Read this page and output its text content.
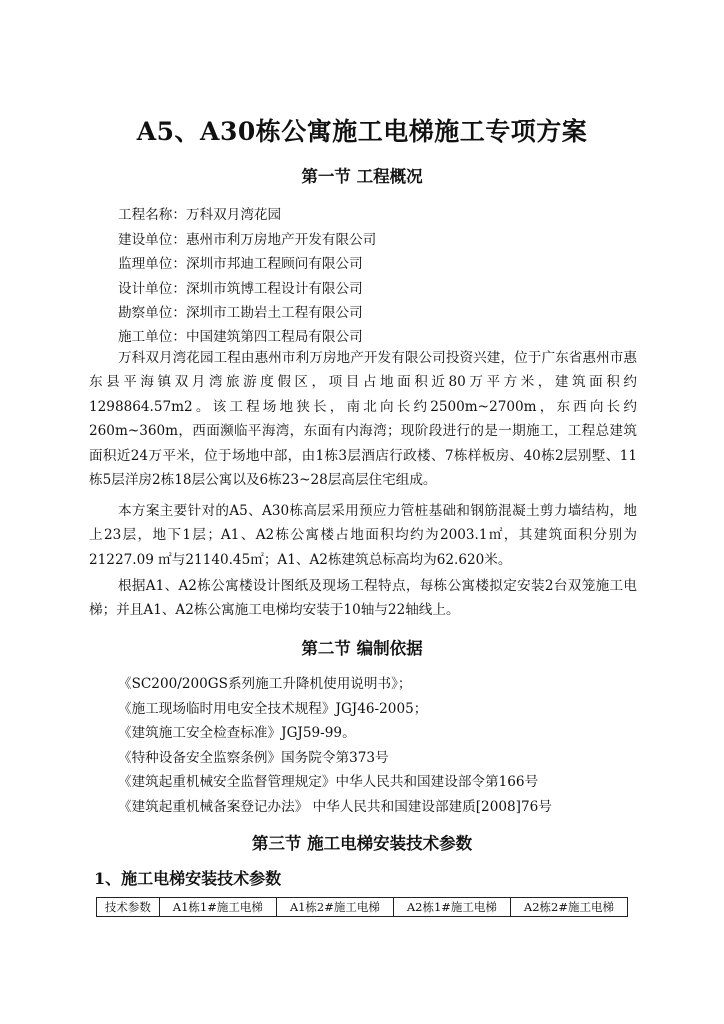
A5、A30栋公寓施工电梯施工专项方案
第一节 工程概况
工程名称：万科双月湾花园
建设单位：惠州市利万房地产开发有限公司
监理单位：深圳市邦迪工程顾问有限公司
设计单位：深圳市筑博工程设计有限公司
勘察单位：深圳市工勘岩土工程有限公司
施工单位：中国建筑第四工程局有限公司
万科双月湾花园工程由惠州市利万房地产开发有限公司投资兴建，位于广东省惠州市惠东县平海镇双月湾旅游度假区，项目占地面积近80万平方米，建筑面积约1298864.57m2。该工程场地狭长，南北向长约2500m~2700m，东西向长约260m~360m，西面濒临平海湾，东面有内海湾；现阶段进行的是一期施工，工程总建筑面积近24万平米，位于场地中部，由1栋3层酒店行政楼、7栋样板房、40栋2层别墅、11栋5层洋房2栋18层公寓以及6栋23~28层高层住宅组成。
本方案主要针对的A5、A30栋高层采用预应力管桩基础和钢筋混凝土剪力墙结构，地上23层，地下1层；A1、A2栋公寓楼占地面积均约为2003.1㎡，其建筑面积分别为21227.09 ㎡与21140.45㎡；A1、A2栋建筑总标高均为62.620米。
根据A1、A2栋公寓楼设计图纸及现场工程特点，每栋公寓楼拟定安装2台双笼施工电梯；并且A1、A2栋公寓施工电梯均安装于10轴与22轴线上。
第二节 编制依据
《SC200/200GS系列施工升降机使用说明书》；
《施工现场临时用电安全技术规程》JGJ46-2005；
《建筑施工安全检查标准》JGJ59-99。
《特种设备安全监察条例》国务院令第373号
《建筑起重机械安全监督管理规定》中华人民共和国建设部令第166号
《建筑起重机械备案登记办法》 中华人民共和国建设部建质[2008]76号
第三节 施工电梯安装技术参数
1、施工电梯安装技术参数
技术参数	A1栋1#施工电梯	A1栋2#施工电梯	A2栋1#施工电梯	A2栋2#施工电梯
